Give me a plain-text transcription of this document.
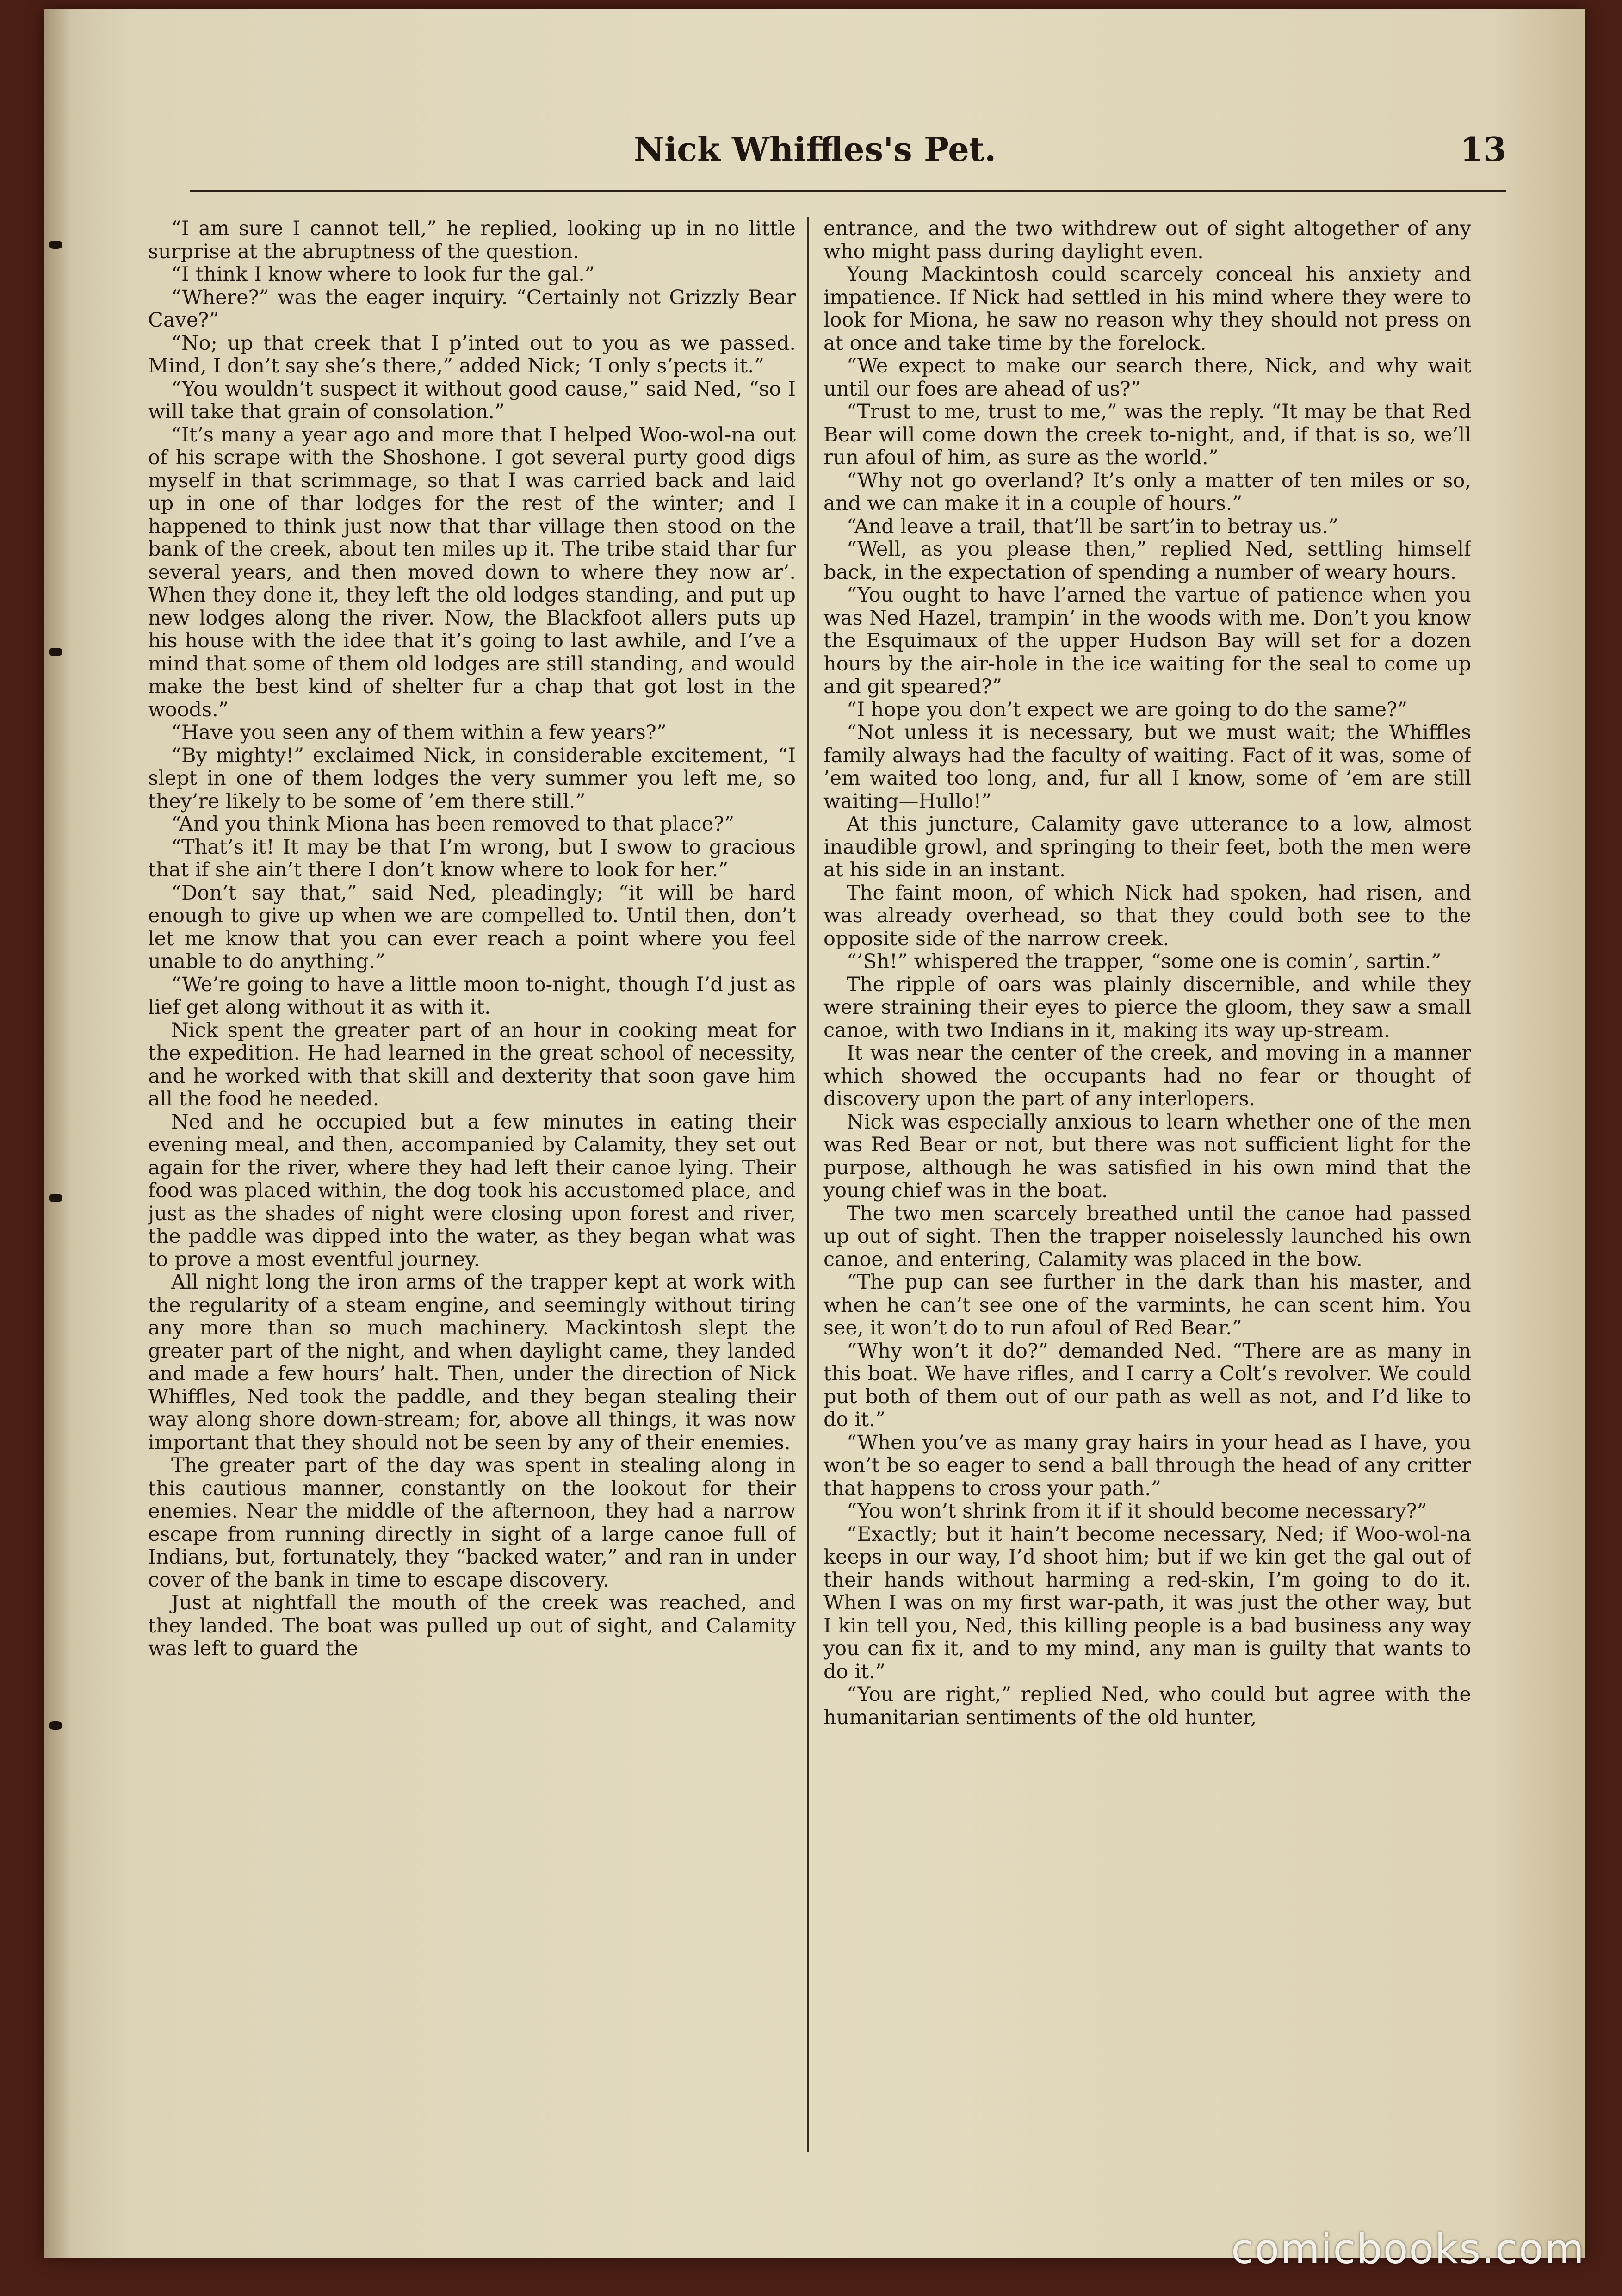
Nick Whiffles's Pet.	13

“I am sure I cannot tell,” he replied, looking up in no little surprise at the abruptness of the question.

“I think I know where to look fur the gal.”

“Where?” was the eager inquiry. “Certainly not Grizzly Bear Cave?”

“No; up that creek that I p’inted out to you as we passed. Mind, I don’t say she’s there,” added Nick; ‘I only s’pects it.”

“You wouldn’t suspect it without good cause,” said Ned, “so I will take that grain of consolation.”

“It’s many a year ago and more that I helped Woo-wol-na out of his scrape with the Shoshone. I got several purty good digs myself in that scrimmage, so that I was carried back and laid up in one of thar lodges for the rest of the winter; and I happened to think just now that thar village then stood on the bank of the creek, about ten miles up it. The tribe staid thar fur several years, and then moved down to where they now ar’. When they done it, they left the old lodges standing, and put up new lodges along the river. Now, the Blackfoot allers puts up his house with the idee that it’s going to last awhile, and I’ve a mind that some of them old lodges are still standing, and would make the best kind of shelter fur a chap that got lost in the woods.”

“Have you seen any of them within a few years?”

“By mighty!” exclaimed Nick, in considerable excitement, “I slept in one of them lodges the very summer you left me, so they’re likely to be some of ’em there still.”

“And you think Miona has been removed to that place?”

“That’s it! It may be that I’m wrong, but I swow to gracious that if she ain’t there I don’t know where to look for her.”

“Don’t say that,” said Ned, pleadingly; “it will be hard enough to give up when we are compelled to. Until then, don’t let me know that you can ever reach a point where you feel unable to do anything.”

“We’re going to have a little moon to-night, though I’d just as lief get along without it as with it.

Nick spent the greater part of an hour in cooking meat for the expedition. He had learned in the great school of necessity, and he worked with that skill and dexterity that soon gave him all the food he needed.

Ned and he occupied but a few minutes in eating their evening meal, and then, accompanied by Calamity, they set out again for the river, where they had left their canoe lying. Their food was placed within, the dog took his accustomed place, and just as the shades of night were closing upon forest and river, the paddle was dipped into the water, as they began what was to prove a most eventful journey.

All night long the iron arms of the trapper kept at work with the regularity of a steam engine, and seemingly without tiring any more than so much machinery. Mackintosh slept the greater part of the night, and when daylight came, they landed and made a few hours’ halt. Then, under the direction of Nick Whiffles, Ned took the paddle, and they began stealing their way along shore down-stream; for, above all things, it was now important that they should not be seen by any of their enemies.

The greater part of the day was spent in stealing along in this cautious manner, constantly on the lookout for their enemies. Near the middle of the afternoon, they had a narrow escape from running directly in sight of a large canoe full of Indians, but, fortunately, they “backed water,” and ran in under cover of the bank in time to escape discovery.

Just at nightfall the mouth of the creek was reached, and they landed. The boat was pulled up out of sight, and Calamity was left to guard the

entrance, and the two withdrew out of sight altogether of any who might pass during daylight even.

Young Mackintosh could scarcely conceal his anxiety and impatience. If Nick had settled in his mind where they were to look for Miona, he saw no reason why they should not press on at once and take time by the forelock.

“We expect to make our search there, Nick, and why wait until our foes are ahead of us?”

“Trust to me, trust to me,” was the reply. “It may be that Red Bear will come down the creek to-night, and, if that is so, we’ll run afoul of him, as sure as the world.”

“Why not go overland? It’s only a matter of ten miles or so, and we can make it in a couple of hours.”

“And leave a trail, that’ll be sart’in to betray us.”

“Well, as you please then,” replied Ned, settling himself back, in the expectation of spending a number of weary hours.

“You ought to have l’arned the vartue of patience when you was Ned Hazel, trampin’ in the woods with me. Don’t you know the Esquimaux of the upper Hudson Bay will set for a dozen hours by the air-hole in the ice waiting for the seal to come up and git speared?”

“I hope you don’t expect we are going to do the same?”

“Not unless it is necessary, but we must wait; the Whiffles family always had the faculty of waiting. Fact of it was, some of ’em waited too long, and, fur all I know, some of ’em are still waiting—Hullo!”

At this juncture, Calamity gave utterance to a low, almost inaudible growl, and springing to their feet, both the men were at his side in an instant.

The faint moon, of which Nick had spoken, had risen, and was already overhead, so that they could both see to the opposite side of the narrow creek.

“’Sh!” whispered the trapper, “some one is comin’, sartin.”

The ripple of oars was plainly discernible, and while they were straining their eyes to pierce the gloom, they saw a small canoe, with two Indians in it, making its way up-stream.

It was near the center of the creek, and moving in a manner which showed the occupants had no fear or thought of discovery upon the part of any interlopers.

Nick was especially anxious to learn whether one of the men was Red Bear or not, but there was not sufficient light for the purpose, although he was satisfied in his own mind that the young chief was in the boat.

The two men scarcely breathed until the canoe had passed up out of sight. Then the trapper noiselessly launched his own canoe, and entering, Calamity was placed in the bow.

“The pup can see further in the dark than his master, and when he can’t see one of the varmints, he can scent him. You see, it won’t do to run afoul of Red Bear.”

“Why won’t it do?” demanded Ned. “There are as many in this boat. We have rifles, and I carry a Colt’s revolver. We could put both of them out of our path as well as not, and I’d like to do it.”

“When you’ve as many gray hairs in your head as I have, you won’t be so eager to send a ball through the head of any critter that happens to cross your path.”

“You won’t shrink from it if it should become necessary?”

“Exactly; but it hain’t become necessary, Ned; if Woo-wol-na keeps in our way, I’d shoot him; but if we kin get the gal out of their hands without harming a red-skin, I’m going to do it. When I was on my first war-path, it was just the other way, but I kin tell you, Ned, this killing people is a bad business any way you can fix it, and to my mind, any man is guilty that wants to do it.”

“You are right,” replied Ned, who could but agree with the humanitarian sentiments of the old hunter,

comicbooks.com
